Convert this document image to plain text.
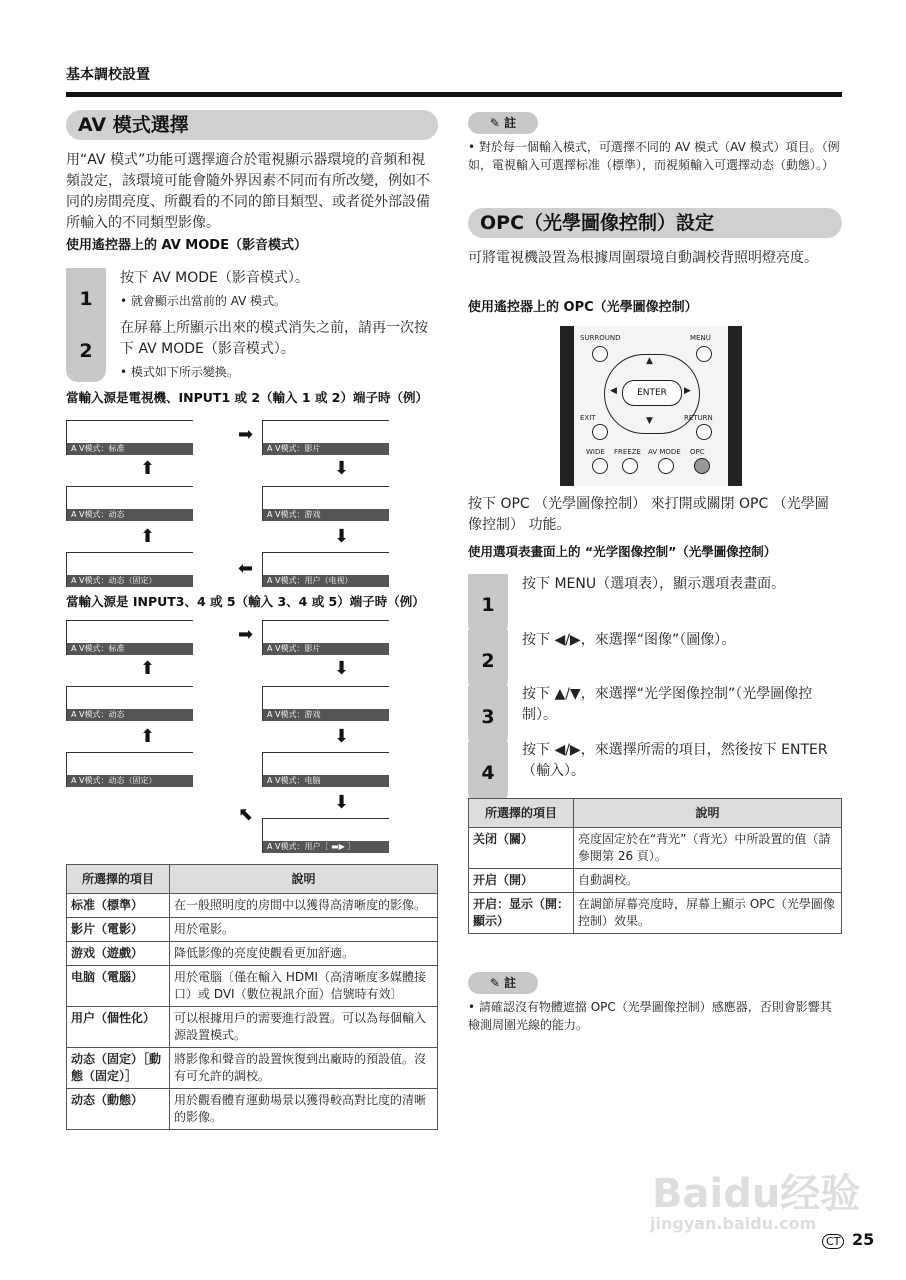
基本調校設置
AV 模式選擇
用“AV 模式”功能可選擇適合於電視顯示器環境的音頻和視頻設定，該環境可能會隨外界因素不同而有所改變，例如不同的房間亮度、所觀看的不同的節目類型、或者從外部設備所輸入的不同類型影像。
使用遙控器上的 AV MODE（影音模式）
1
按下 AV MODE（影音模式）。
• 就會顯示出當前的 AV 模式。
2
在屏幕上所顯示出來的模式消失之前，請再一次按下 AV MODE（影音模式）。
• 模式如下所示變換。
當輸入源是電視機、INPUT1 或 2（輸入 1 或 2）端子時（例）
A V模式：标准	A V模式：影片
➡
⬆	⬇
A V模式：动态	A V模式：游戏
⬆	⬇
A V模式：动态（固定）	A V模式：用户（电视）
⬅
當輸入源是 INPUT3、4 或 5（輸入 3、4 或 5）端子時（例）
A V模式：标准	A V模式：影片
➡
⬆	⬇
A V模式：动态	A V模式：游戏
⬆	⬇
A V模式：动态（固定）	A V模式：电脑
⬇
⬉
A V模式：用户［ ▬▶ ］
所選擇的項目	說明
标准（標準）	在一般照明度的房間中以獲得高清晰度的影像。
影片（電影）	用於電影。
游戏（遊戲）	降低影像的亮度使觀看更加舒適。
电脑（電腦）	用於電腦〔僅在輸入 HDMI（高清晰度多媒體接口）或 DVI（數位視訊介面）信號時有效〕
用户（個性化）	可以根據用戶的需要進行設置。可以為每個輸入源設置模式。
动态（固定）［動態（固定）］	將影像和聲音的設置恢復到出廠時的預設值。沒有可允許的調校。
动态（動態）	用於觀看體育運動場景以獲得較高對比度的清晰的影像。
✎ 註
• 對於每一個輸入模式，可選擇不同的 AV 模式（AV 模式）項目。（例如，電視輸入可選擇标准（標準），而視頻輸入可選擇动态（動態）。）
OPC（光學圖像控制）設定
可將電視機設置為根據周圍環境自動調校背照明燈亮度。
使用遙控器上的 OPC（光學圖像控制）
SURROUND	MENU
ENTER
▲
▼
◀	▶
EXIT	RETURN
WIDE FREEZE AV MODE OPC
按下 OPC （光學圖像控制） 來打開或關閉 OPC （光學圖像控制） 功能。
使用選項表畫面上的 “光学图像控制”（光學圖像控制）
1
按下 MENU（選項表），顯示選項表畫面。
2
按下 ◀/▶，來選擇“图像”（圖像）。
3
按下 ▲/▼，來選擇“光学图像控制”（光學圖像控制）。
4
按下 ◀/▶，來選擇所需的項目，然後按下 ENTER（輸入）。
所選擇的項目	說明
关闭（關）	亮度固定於在“背光”（背光）中所設置的值（請參閱第 26 頁）。
开启（開）	自動調校。
开启：显示（開：顯示）	在調節屏幕亮度時，屏幕上顯示 OPC（光學圖像控制）效果。
✎ 註
• 請確認沒有物體遮擋 OPC（光學圖像控制）感應器，否則會影響其檢測周圍光線的能力。
Baidu经验
jingyan.baidu.com
CT 25
